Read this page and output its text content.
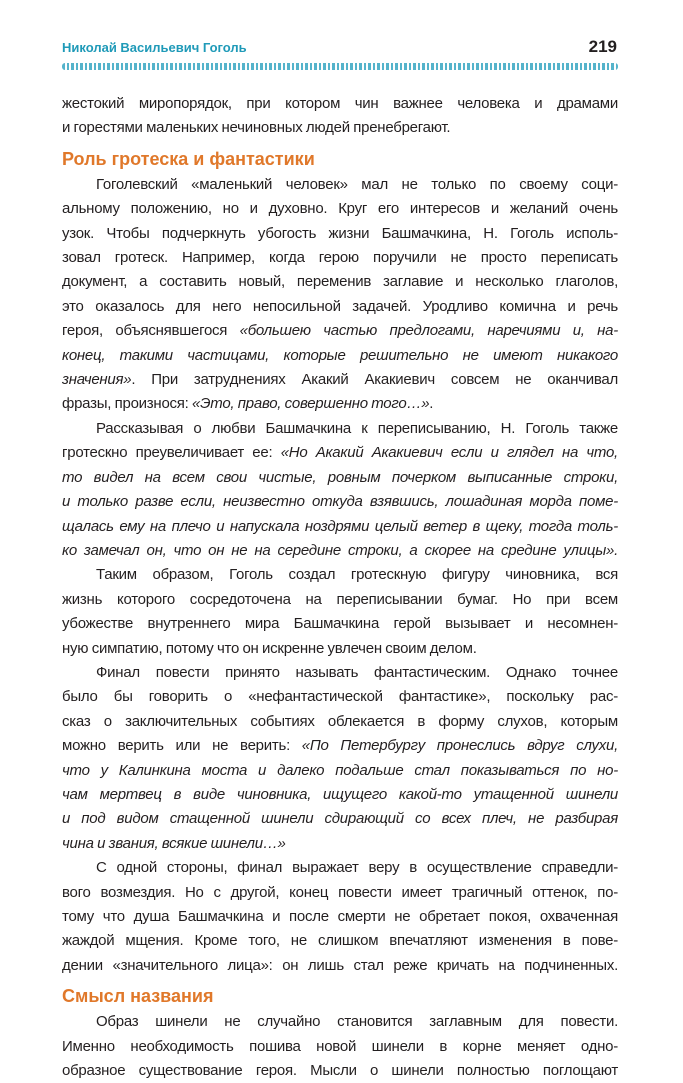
Николай Васильевич Гоголь	219
жестокий миропорядок, при котором чин важнее человека и драмами
и горестями маленьких нечиновных людей пренебрегают.
Роль гротеска и фантастики
Гоголевский «маленький человек» мал не только по своему соци-
альному положению, но и духовно. Круг его интересов и желаний очень
узок. Чтобы подчеркнуть убогость жизни Башмачкина, Н. Гоголь исполь-
зовал гротеск. Например, когда герою поручили не просто переписать
документ, а составить новый, переменив заглавие и несколько глаголов,
это оказалось для него непосильной задачей. Уродливо комична и речь
героя, объяснявшегося «большею частью предлогами, наречиями и, на-
конец, такими частицами, которые решительно не имеют никакого
значения». При затруднениях Акакий Акакиевич совсем не оканчивал
фразы, произнося: «Это, право, совершенно того…».
Рассказывая о любви Башмачкина к переписыванию, Н. Гоголь также
гротескно преувеличивает ее: «Но Акакий Акакиевич если и глядел на что,
то видел на всем свои чистые, ровным почерком выписанные строки,
и только разве если, неизвестно откуда взявшись, лошадиная морда поме-
щалась ему на плечо и напускала ноздрями целый ветер в щеку, тогда толь-
ко замечал он, что он не на середине строки, а скорее на средине улицы».
Таким образом, Гоголь создал гротескную фигуру чиновника, вся
жизнь которого сосредоточена на переписывании бумаг. Но при всем
убожестве внутреннего мира Башмачкина герой вызывает и несомнен-
ную симпатию, потому что он искренне увлечен своим делом.
Финал повести принято называть фантастическим. Однако точнее
было бы говорить о «нефантастической фантастике», поскольку рас-
сказ о заключительных событиях облекается в форму слухов, которым
можно верить или не верить: «По Петербургу пронеслись вдруг слухи,
что у Калинкина моста и далеко подальше стал показываться по но-
чам мертвец в виде чиновника, ищущего какой-то утащенной шинели
и под видом стащенной шинели сдирающий со всех плеч, не разбирая
чина и звания, всякие шинели…»
С одной стороны, финал выражает веру в осуществление справедли-
вого возмездия. Но с другой, конец повести имеет трагичный оттенок, по-
тому что душа Башмачкина и после смерти не обретает покоя, охваченная
жаждой мщения. Кроме того, не слишком впечатляют изменения в пове-
дении «значительного лица»: он лишь стал реже кричать на подчиненных.
Смысл названия
Образ шинели не случайно становится заглавным для повести.
Именно необходимость пошива новой шинели в корне меняет одно-
образное существование героя. Мысли о шинели полностью поглощают
